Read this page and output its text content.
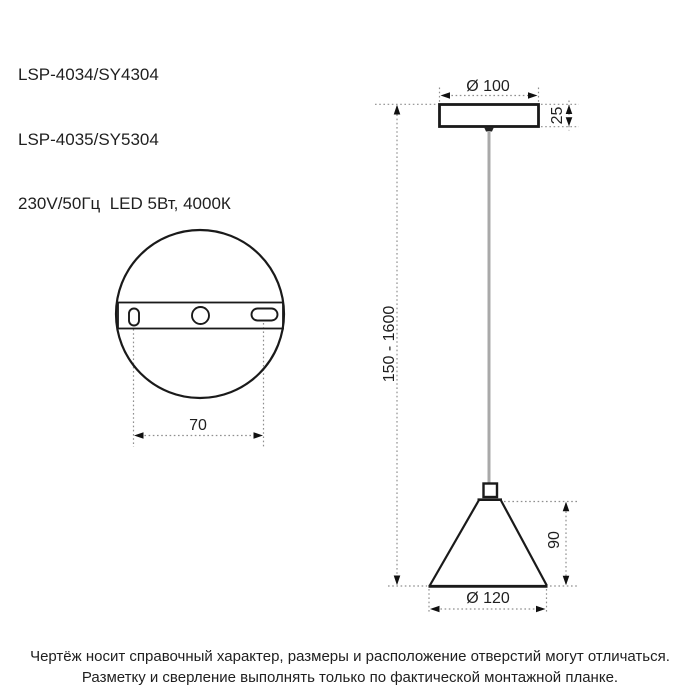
LSP-4034/SY4304

LSP-4035/SY5304

230V/50Гц  LED 5Вт, 4000К

Ø 100
25
150 - 1600
70
90
Ø 120
Чертёж носит справочный характер, размеры и расположение отверстий могут отличаться.
Разметку и сверление выполнять только по фактической монтажной планке.
